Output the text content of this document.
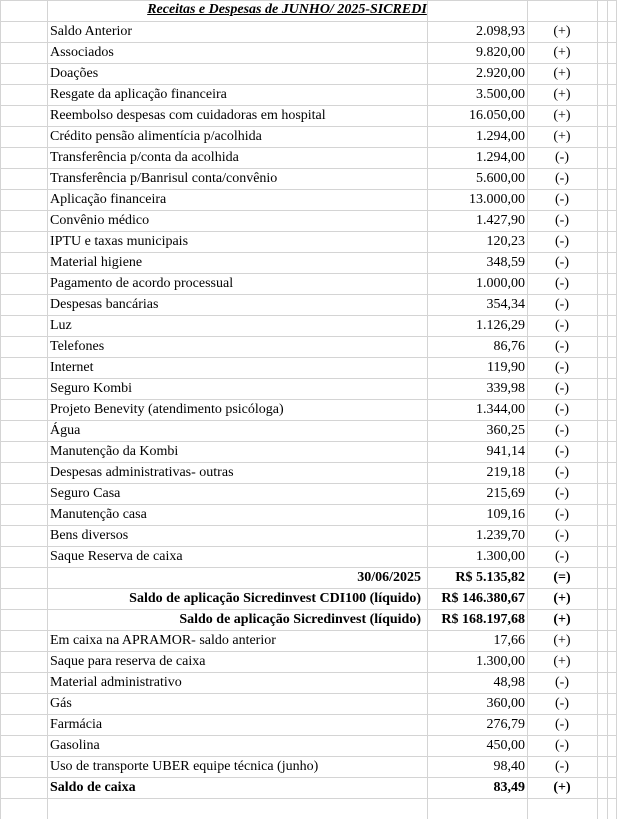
Receitas e Despesas de JUNHO/ 2025-SICREDI
Saldo Anterior	2.098,93	(+)
Associados	9.820,00	(+)
Doações	2.920,00	(+)
Resgate da aplicação financeira	3.500,00	(+)
Reembolso despesas com cuidadoras em hospital	16.050,00	(+)
Crédito pensão alimentícia p/acolhida	1.294,00	(+)
Transferência p/conta da acolhida	1.294,00	(-)
Transferência p/Banrisul conta/convênio	5.600,00	(-)
Aplicação financeira	13.000,00	(-)
Convênio médico	1.427,90	(-)
IPTU e taxas municipais	120,23	(-)
Material higiene	348,59	(-)
Pagamento de acordo processual	1.000,00	(-)
Despesas bancárias	354,34	(-)
Luz	1.126,29	(-)
Telefones	86,76	(-)
Internet	119,90	(-)
Seguro Kombi	339,98	(-)
Projeto Benevity (atendimento psicóloga)	1.344,00	(-)
Água	360,25	(-)
Manutenção da Kombi	941,14	(-)
Despesas administrativas- outras	219,18	(-)
Seguro Casa	215,69	(-)
Manutenção casa	109,16	(-)
Bens diversos	1.239,70	(-)
Saque Reserva de caixa	1.300,00	(-)
30/06/2025	R$ 5.135,82	(=)
Saldo de aplicação Sicredinvest CDI100 (líquido)	R$ 146.380,67	(+)
Saldo de aplicação Sicredinvest (líquido)	R$ 168.197,68	(+)
Em caixa na APRAMOR- saldo anterior	17,66	(+)
Saque para reserva de caixa	1.300,00	(+)
Material administrativo	48,98	(-)
Gás	360,00	(-)
Farmácia	276,79	(-)
Gasolina	450,00	(-)
Uso de transporte UBER equipe técnica (junho)	98,40	(-)
Saldo de caixa	83,49	(+)
